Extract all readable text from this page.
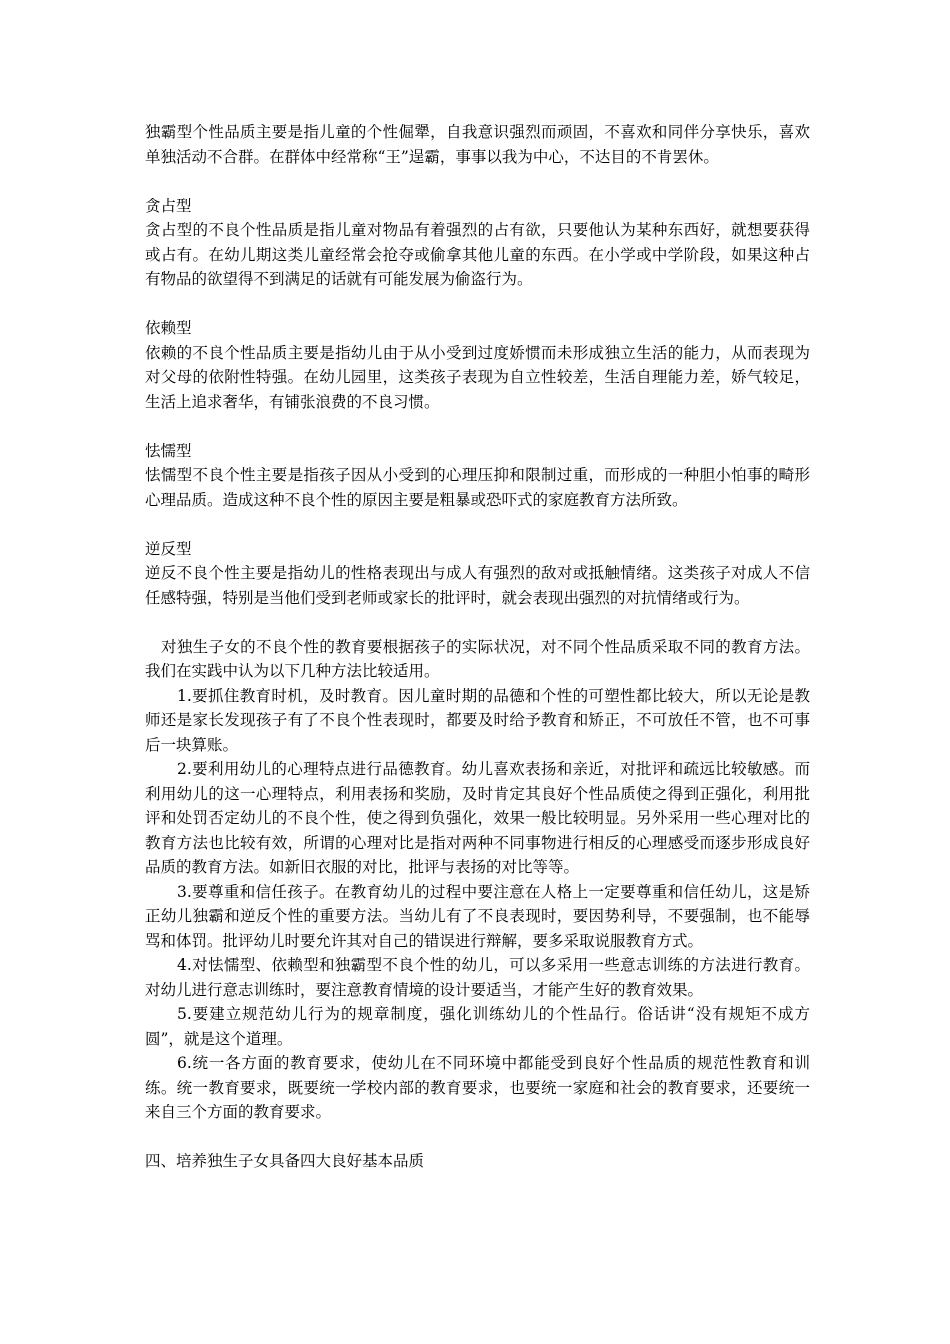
独霸型个性品质主要是指儿童的个性倔犟，自我意识强烈而顽固，不喜欢和同伴分享快乐，喜欢单独活动不合群。在群体中经常称“王”逞霸，事事以我为中心，不达目的不肯罢休。

贪占型

贪占型的不良个性品质是指儿童对物品有着强烈的占有欲，只要他认为某种东西好，就想要获得或占有。在幼儿期这类儿童经常会抢夺或偷拿其他儿童的东西。在小学或中学阶段，如果这种占有物品的欲望得不到满足的话就有可能发展为偷盗行为。

依赖型

依赖的不良个性品质主要是指幼儿由于从小受到过度娇惯而未形成独立生活的能力，从而表现为对父母的依附性特强。在幼儿园里，这类孩子表现为自立性较差，生活自理能力差，娇气较足，生活上追求奢华，有铺张浪费的不良习惯。

怯懦型

怯懦型不良个性主要是指孩子因从小受到的心理压抑和限制过重，而形成的一种胆小怕事的畸形心理品质。造成这种不良个性的原因主要是粗暴或恐吓式的家庭教育方法所致。

逆反型

逆反不良个性主要是指幼儿的性格表现出与成人有强烈的敌对或抵触情绪。这类孩子对成人不信任感特强，特别是当他们受到老师或家长的批评时，就会表现出强烈的对抗情绪或行为。

对独生子女的不良个性的教育要根据孩子的实际状况，对不同个性品质采取不同的教育方法。我们在实践中认为以下几种方法比较适用。

1.要抓住教育时机，及时教育。因儿童时期的品德和个性的可塑性都比较大，所以无论是教师还是家长发现孩子有了不良个性表现时，都要及时给予教育和矫正，不可放任不管，也不可事后一块算账。

2.要利用幼儿的心理特点进行品德教育。幼儿喜欢表扬和亲近，对批评和疏远比较敏感。而利用幼儿的这一心理特点，利用表扬和奖励，及时肯定其良好个性品质使之得到正强化，利用批评和处罚否定幼儿的不良个性，使之得到负强化，效果一般比较明显。另外采用一些心理对比的教育方法也比较有效，所谓的心理对比是指对两种不同事物进行相反的心理感受而逐步形成良好品质的教育方法。如新旧衣服的对比，批评与表扬的对比等等。

3.要尊重和信任孩子。在教育幼儿的过程中要注意在人格上一定要尊重和信任幼儿，这是矫正幼儿独霸和逆反个性的重要方法。当幼儿有了不良表现时，要因势利导，不要强制，也不能辱骂和体罚。批评幼儿时要允许其对自己的错误进行辩解，要多采取说服教育方式。

4.对怯懦型、依赖型和独霸型不良个性的幼儿，可以多采用一些意志训练的方法进行教育。对幼儿进行意志训练时，要注意教育情境的设计要适当，才能产生好的教育效果。

5.要建立规范幼儿行为的规章制度，强化训练幼儿的个性品行。俗话讲“没有规矩不成方圆”，就是这个道理。

6.统一各方面的教育要求，使幼儿在不同环境中都能受到良好个性品质的规范性教育和训练。统一教育要求，既要统一学校内部的教育要求，也要统一家庭和社会的教育要求，还要统一来自三个方面的教育要求。

四、培养独生子女具备四大良好基本品质
